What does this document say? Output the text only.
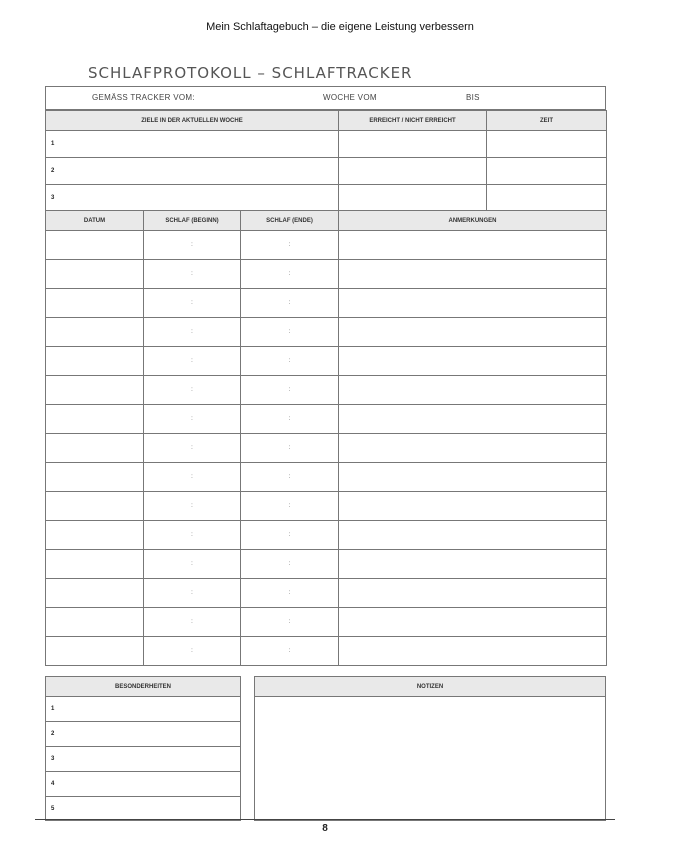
Mein Schlaftagebuch – die eigene Leistung verbessern
SCHLAFPROTOKOLL – SCHLAFTRACKER
GEMÄSS TRACKER VOM:	WOCHE VOM	BIS
ZIELE IN DER AKTUELLEN WOCHE	ERREICHT / NICHT ERREICHT	ZEIT
1		
2		
3		
DATUM	SCHLAF (BEGINN)	SCHLAF (ENDE)	ANMERKUNGEN
	:	:	
	:	:	
	:	:	
	:	:	
	:	:	
	:	:	
	:	:	
	:	:	
	:	:	
	:	:	
	:	:	
	:	:	
	:	:	
	:	:	
	:	:	
BESONDERHEITEN
1
2
3
4
5
NOTIZEN

8
